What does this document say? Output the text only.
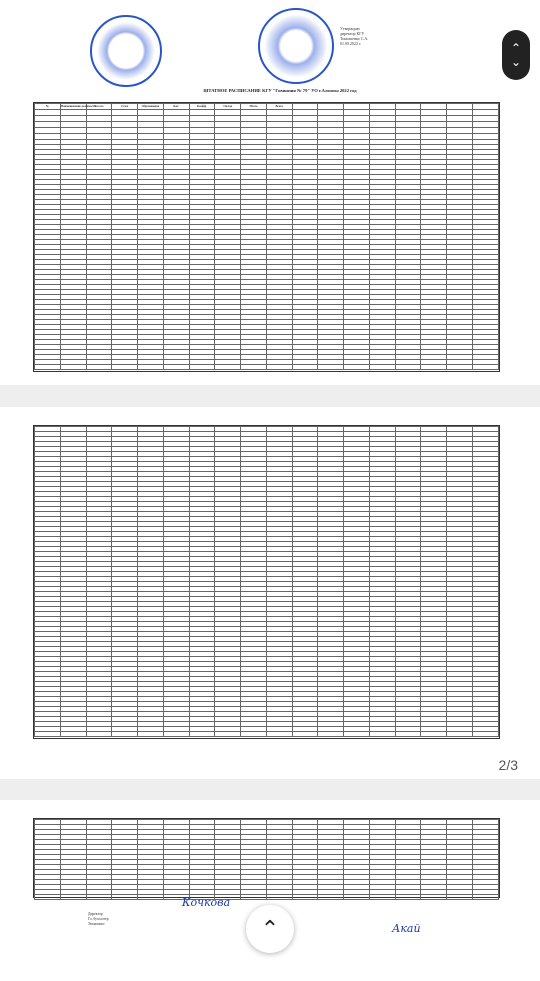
Утверждаю
директор КГУ
Тимошенко С.А.
01.09.2022 г.
ШТАТНОЕ РАСПИСАНИЕ КГУ "Гимназия № 79" УО г.Алматы 2022 год
№	Наименование должности	Кол-во	Стаж	Образование	Кат.	Коэфф.	Оклад	Итого	Всего								

2/3

Директор
Гл. бухгалтер
Экономист
Кочкова
Акай
⌃
⌄
⌃
